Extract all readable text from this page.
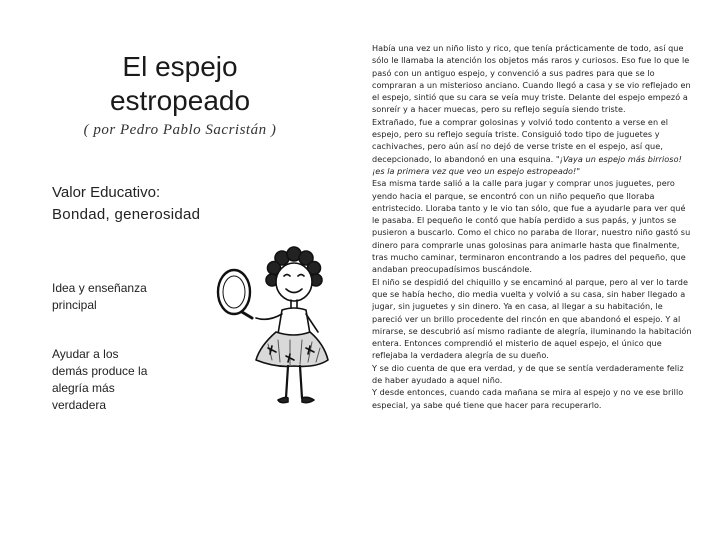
El espejo estropeado
( por Pedro Pablo Sacristán )
Valor Educativo:
Bondad, generosidad
Idea y enseñanza principal
Ayudar a los demás produce la alegría más verdadera

Había una vez un niño listo y rico, que tenía prácticamente de todo, así que sólo le llamaba la atención los objetos más raros y curiosos. Eso fue lo que le pasó con un antiguo espejo, y convenció a sus padres para que se lo compraran a un misterioso anciano. Cuando llegó a casa y se vio reflejado en el espejo, sintió que su cara se veía muy triste. Delante del espejo empezó a sonreír y a hacer muecas, pero su reflejo seguía siendo triste.

Extrañado, fue a comprar golosinas y volvió todo contento a verse en el espejo, pero su reflejo seguía triste. Consiguió todo tipo de juguetes y cachivaches, pero aún así no dejó de verse triste en el espejo, así que, decepcionado, lo abandonó en una esquina. "¡Vaya un espejo más birrioso! ¡es la primera vez que veo un espejo estropeado!"

Esa misma tarde salió a la calle para jugar y comprar unos juguetes, pero yendo hacia el parque, se encontró con un niño pequeño que lloraba entristecido. Lloraba tanto y le vio tan sólo, que fue a ayudarle para ver qué le pasaba. El pequeño le contó que había perdido a sus papás, y juntos se pusieron a buscarlo. Como el chico no paraba de llorar, nuestro niño gastó su dinero para comprarle unas golosinas para animarle hasta que finalmente, tras mucho caminar, terminaron encontrando a los padres del pequeño, que andaban preocupadísimos buscándole.

El niño se despidió del chiquillo y se encaminó al parque, pero al ver lo tarde que se había hecho, dio media vuelta y volvió a su casa, sin haber llegado a jugar, sin juguetes y sin dinero. Ya en casa, al llegar a su habitación, le pareció ver un brillo procedente del rincón en que abandonó el espejo. Y al mirarse, se descubrió así mismo radiante de alegría, iluminando la habitación entera. Entonces comprendió el misterio de aquel espejo, el único que reflejaba la verdadera alegría de su dueño.

Y se dio cuenta de que era verdad, y de que se sentía verdaderamente feliz de haber ayudado a aquel niño.

Y desde entonces, cuando cada mañana se mira al espejo y no ve ese brillo especial, ya sabe qué tiene que hacer para recuperarlo.
